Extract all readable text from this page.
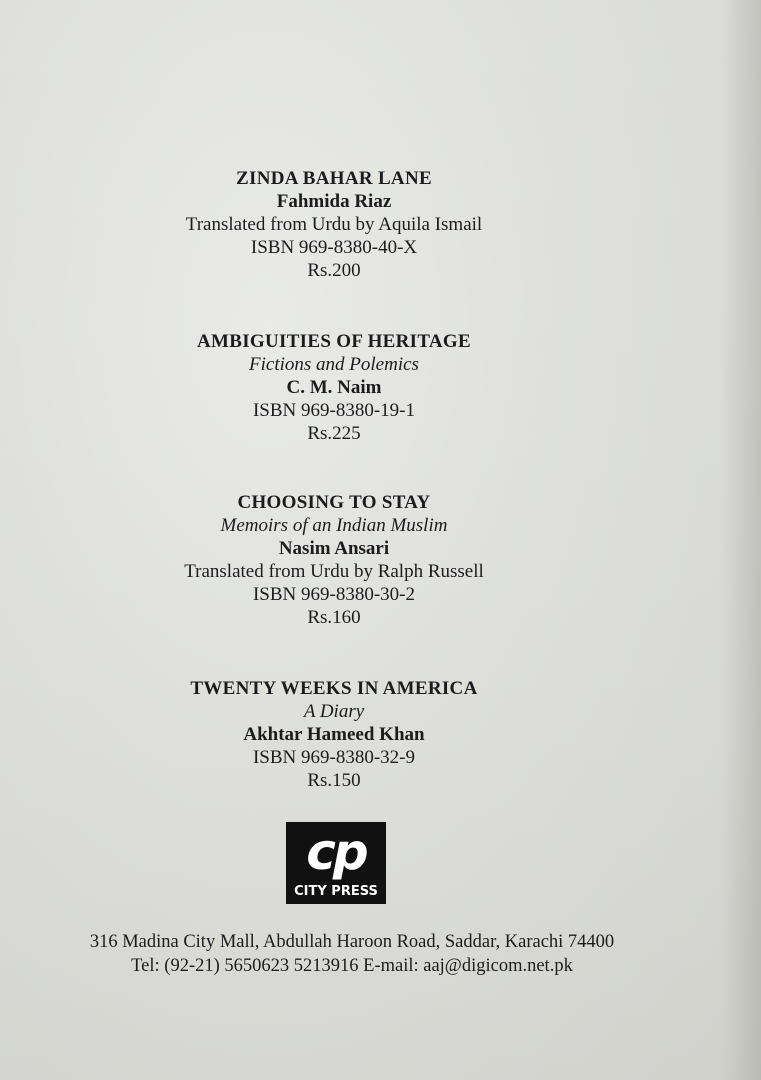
ZINDA BAHAR LANE
Fahmida Riaz
Translated from Urdu by Aquila Ismail
ISBN 969-8380-40-X
Rs.200
AMBIGUITIES OF HERITAGE
Fictions and Polemics
C. M. Naim
ISBN 969-8380-19-1
Rs.225
CHOOSING TO STAY
Memoirs of an Indian Muslim
Nasim Ansari
Translated from Urdu by Ralph Russell
ISBN 969-8380-30-2
Rs.160
TWENTY WEEKS IN AMERICA
A Diary
Akhtar Hameed Khan
ISBN 969-8380-32-9
Rs.150
cp
CITY PRESS
316 Madina City Mall, Abdullah Haroon Road, Saddar, Karachi 74400
Tel: (92-21) 5650623 5213916 E-mail: aaj@digicom.net.pk
